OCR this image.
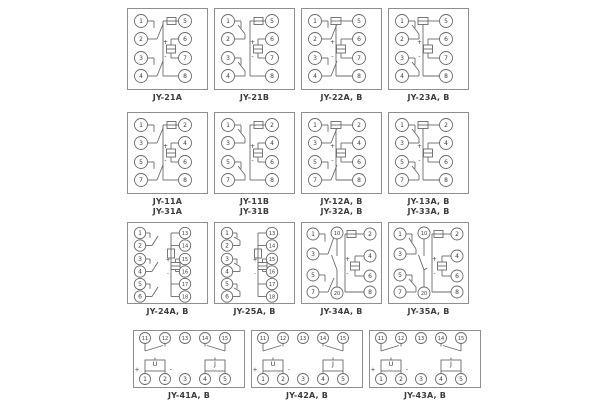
+
-
1
2
3
4
5
6
7
8
JY-21A
+
-
1
2
3
4
5
6
7
8
JY-21B
+
-
1
2
3
4
5
6
7
8
JY-22A, B
+
-
1
2
3
4
5
6
7
8
JY-23A, B
+
-
1
3
5
7
2
4
6
8
JY-11A
JY-31A
+
-
1
3
5
7
2
4
6
8
JY-11B
JY-31B
+
-
1
3
5
7
2
4
6
8
JY-12A, B
JY-32A, B
+
-
1
3
5
7
2
4
6
8
JY-13A, B
JY-33A, B
+
-
1
2
3
4
5
6
13
14
15
16
17
18
JY-24A, B
+
-
1
2
3
4
5
6
13
14
15
16
17
18
JY-25A, B
+
-
1
3
5
7
2
4
6
8
10
20
JY-34A, B
+
-
1
3
5
7
2
4
6
8
10
20
JY-35A, B
U	J
+	-
11	12	13	14	15
1	2	3	4	5
JY-41A, B
U	J
+	-
11	12	13	14	15
1	2	3	4	5
JY-42A, B
U	J
+	-
11	12	13	14	15
1	2	3	4	5
JY-43A, B
